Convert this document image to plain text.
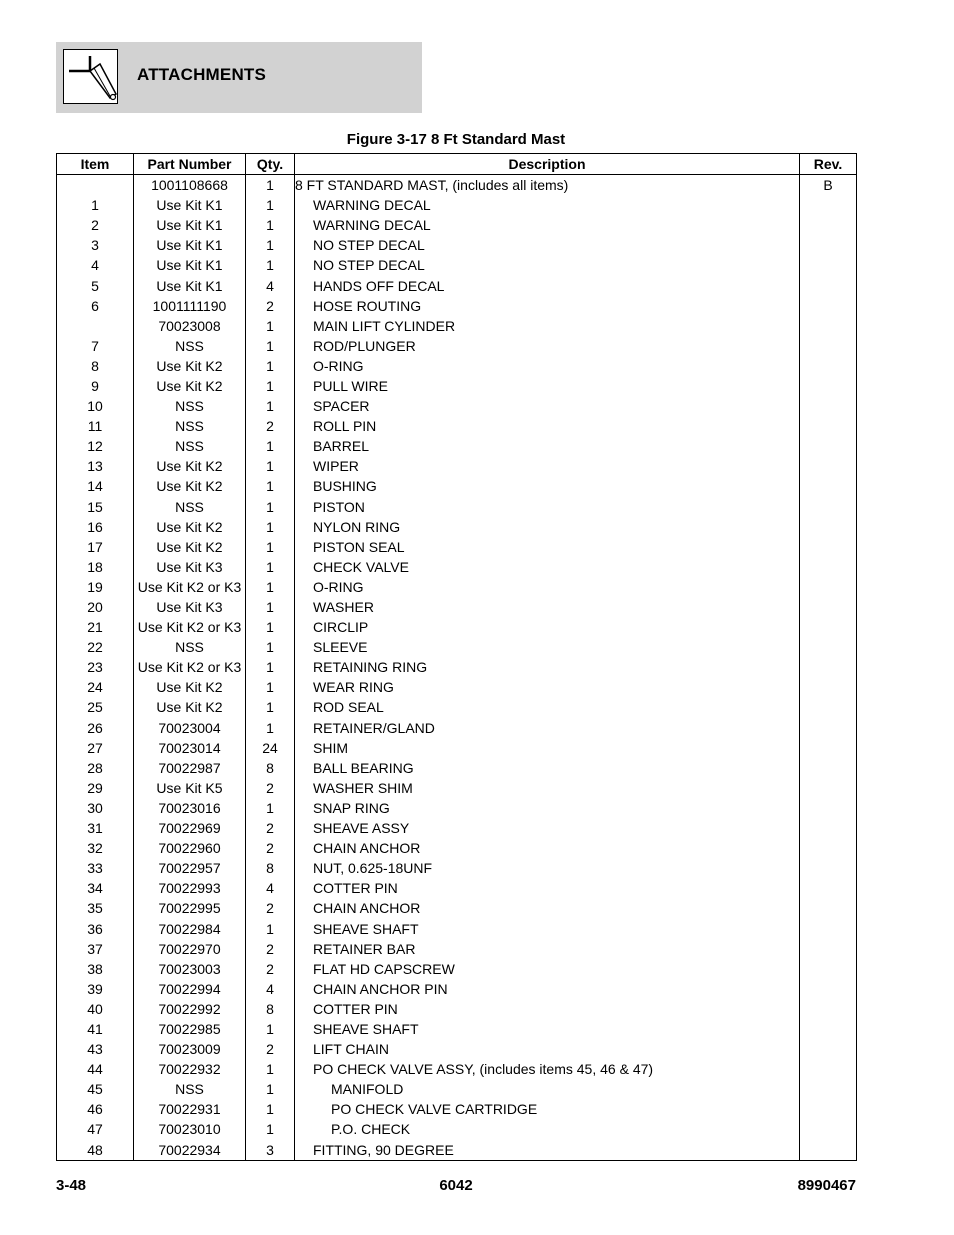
ATTACHMENTS
Figure 3-17 8 Ft Standard Mast
Item	Part Number	Qty.	Description	Rev.
	1001108668	1	8 FT STANDARD MAST, (includes all items)	B
1	Use Kit K1	1	WARNING DECAL	
2	Use Kit K1	1	WARNING DECAL	
3	Use Kit K1	1	NO STEP DECAL	
4	Use Kit K1	1	NO STEP DECAL	
5	Use Kit K1	4	HANDS OFF DECAL	
6	1001111190	2	HOSE ROUTING	
	70023008	1	MAIN LIFT CYLINDER	
7	NSS	1	ROD/PLUNGER	
8	Use Kit K2	1	O-RING	
9	Use Kit K2	1	PULL WIRE	
10	NSS	1	SPACER	
11	NSS	2	ROLL PIN	
12	NSS	1	BARREL	
13	Use Kit K2	1	WIPER	
14	Use Kit K2	1	BUSHING	
15	NSS	1	PISTON	
16	Use Kit K2	1	NYLON RING	
17	Use Kit K2	1	PISTON SEAL	
18	Use Kit K3	1	CHECK VALVE	
19	Use Kit K2 or K3	1	O-RING	
20	Use Kit K3	1	WASHER	
21	Use Kit K2 or K3	1	CIRCLIP	
22	NSS	1	SLEEVE	
23	Use Kit K2 or K3	1	RETAINING RING	
24	Use Kit K2	1	WEAR RING	
25	Use Kit K2	1	ROD SEAL	
26	70023004	1	RETAINER/GLAND	
27	70023014	24	SHIM	
28	70022987	8	BALL BEARING	
29	Use Kit K5	2	WASHER SHIM	
30	70023016	1	SNAP RING	
31	70022969	2	SHEAVE ASSY	
32	70022960	2	CHAIN ANCHOR	
33	70022957	8	NUT, 0.625-18UNF	
34	70022993	4	COTTER PIN	
35	70022995	2	CHAIN ANCHOR	
36	70022984	1	SHEAVE SHAFT	
37	70022970	2	RETAINER BAR	
38	70023003	2	FLAT HD CAPSCREW	
39	70022994	4	CHAIN ANCHOR PIN	
40	70022992	8	COTTER PIN	
41	70022985	1	SHEAVE SHAFT	
43	70023009	2	LIFT CHAIN	
44	70022932	1	PO CHECK VALVE ASSY, (includes items 45, 46 & 47)	
45	NSS	1	MANIFOLD	
46	70022931	1	PO CHECK VALVE CARTRIDGE	
47	70023010	1	P.O. CHECK	
48	70022934	3	FITTING, 90 DEGREE	
3-48	6042	8990467
